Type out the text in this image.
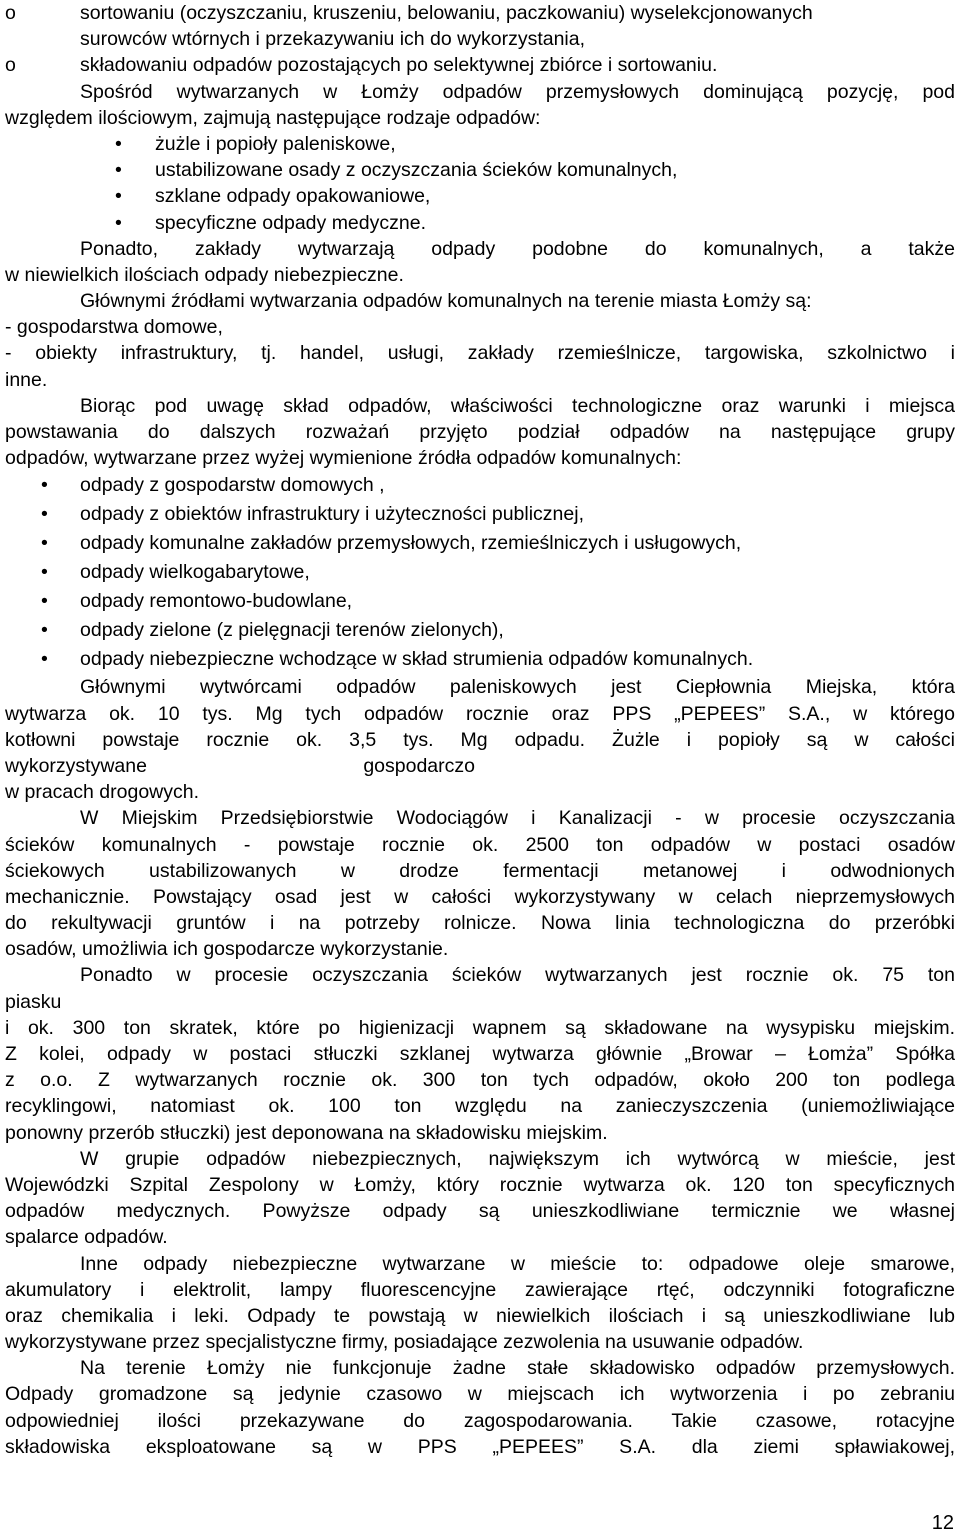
o	sortowaniu (oczyszczaniu, kruszeniu, belowaniu, paczkowaniu) wyselekcjonowanych
surowców wtórnych i przekazywaniu ich do wykorzystania,
o	składowaniu odpadów pozostających po selektywnej zbiórce i sortowaniu.
Spośród wytwarzanych w Łomży odpadów przemysłowych dominującą pozycję, pod
względem ilościowym, zajmują następujące rodzaje odpadów:
• żużle i popioły paleniskowe,
• ustabilizowane osady z oczyszczania ścieków komunalnych,
• szklane odpady opakowaniowe,
• specyficzne odpady medyczne.
Ponadto, zakłady wytwarzają odpady podobne do komunalnych, a także
w niewielkich ilościach odpady niebezpieczne.
Głównymi źródłami wytwarzania odpadów komunalnych na terenie miasta Łomży są:
- gospodarstwa domowe,
- obiekty infrastruktury, tj. handel, usługi, zakłady rzemieślnicze, targowiska, szkolnictwo i
inne.
Biorąc pod uwagę skład odpadów, właściwości technologiczne oraz warunki i miejsca
powstawania do dalszych rozważań przyjęto podział odpadów na następujące grupy
odpadów, wytwarzane przez wyżej wymienione źródła odpadów komunalnych:
• odpady z gospodarstw domowych ,
• odpady z obiektów infrastruktury i użyteczności publicznej,
• odpady komunalne zakładów przemysłowych, rzemieślniczych i usługowych,
• odpady wielkogabarytowe,
• odpady remontowo-budowlane,
• odpady zielone (z pielęgnacji terenów zielonych),
• odpady niebezpieczne wchodzące w skład strumienia odpadów komunalnych.
Głównymi wytwórcami odpadów paleniskowych jest Ciepłownia Miejska, która
wytwarza ok. 10 tys. Mg tych odpadów rocznie oraz PPS „PEPEES” S.A., w którego
kotłowni powstaje rocznie ok. 3,5 tys. Mg odpadu. Żużle i popioły są w całości
wykorzystywane gospodarczo
w pracach drogowych.
W Miejskim Przedsiębiorstwie Wodociągów i Kanalizacji - w procesie oczyszczania
ścieków komunalnych - powstaje rocznie ok. 2500 ton odpadów w postaci osadów
ściekowych ustabilizowanych w drodze fermentacji metanowej i odwodnionych
mechanicznie. Powstający osad jest w całości wykorzystywany w celach nieprzemysłowych
do rekultywacji gruntów i na potrzeby rolnicze. Nowa linia technologiczna do przeróbki
osadów, umożliwia ich gospodarcze wykorzystanie.
Ponadto w procesie oczyszczania ścieków wytwarzanych jest rocznie ok. 75 ton
piasku
i ok. 300 ton skratek, które po higienizacji wapnem są składowane na wysypisku miejskim.
Z kolei, odpady w postaci stłuczki szklanej wytwarza głównie „Browar – Łomża” Spółka
z o.o. Z wytwarzanych rocznie ok. 300 ton tych odpadów, około 200 ton podlega
recyklingowi, natomiast ok. 100 ton względu na zanieczyszczenia (uniemożliwiające
ponowny przerób stłuczki) jest deponowana na składowisku miejskim.
W grupie odpadów niebezpiecznych, największym ich wytwórcą w mieście, jest
Wojewódzki Szpital Zespolony w Łomży, który rocznie wytwarza ok. 120 ton specyficznych
odpadów medycznych. Powyższe odpady są unieszkodliwiane termicznie we własnej
spalarce odpadów.
Inne odpady niebezpieczne wytwarzane w mieście to: odpadowe oleje smarowe,
akumulatory i elektrolit, lampy fluorescencyjne zawierające rtęć, odczynniki fotograficzne
oraz chemikalia i leki. Odpady te powstają w niewielkich ilościach i są unieszkodliwiane lub
wykorzystywane przez specjalistyczne firmy, posiadające zezwolenia na usuwanie odpadów.
Na terenie Łomży nie funkcjonuje żadne stałe składowisko odpadów przemysłowych.
Odpady gromadzone są jedynie czasowo w miejscach ich wytworzenia i po zebraniu
odpowiedniej ilości przekazywane do zagospodarowania. Takie czasowe, rotacyjne
składowiska eksploatowane są w PPS „PEPEES” S.A. dla ziemi spławiakowej,
12
